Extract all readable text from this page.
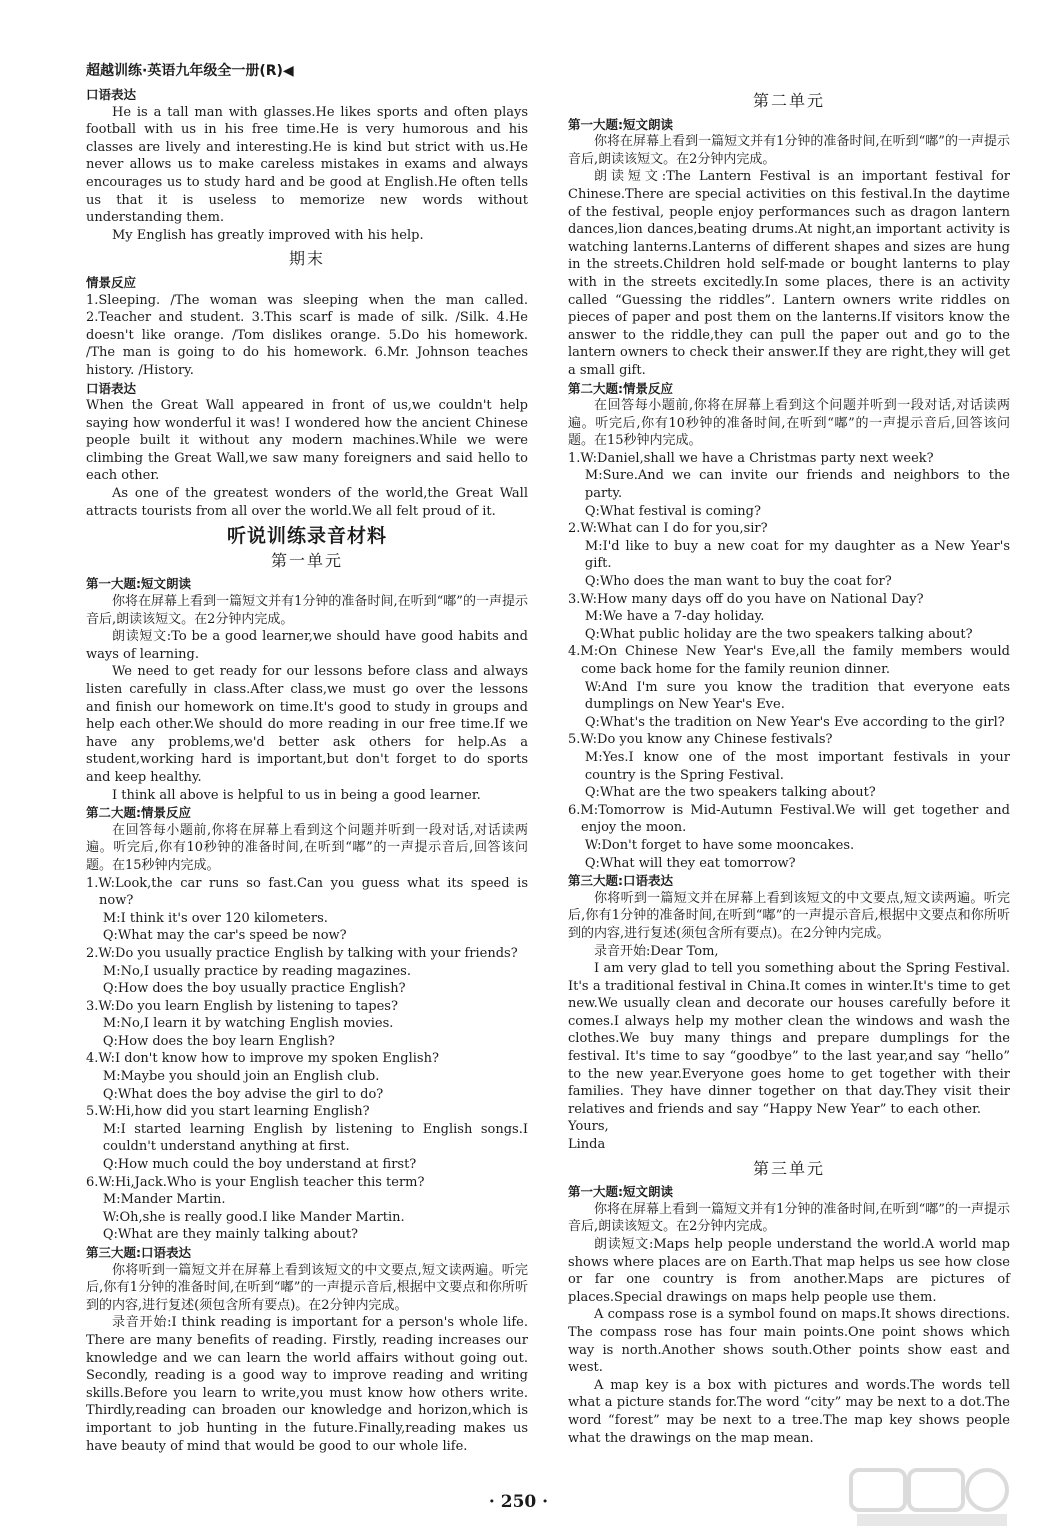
超越训练·英语九年级全一册(R)◀

口语表达

He is a tall man with glasses.He likes sports and often plays football with us in his free time.He is very humorous and his classes are lively and interesting.He is kind but strict with us.He never allows us to make careless mistakes in exams and always encourages us to study hard and be good at English.He often tells us that it is useless to memorize new words without understanding them.

My English has greatly improved with his help.

期末

情景反应

1.Sleeping. /The woman was sleeping when the man called. 2.Teacher and student. 3.This scarf is made of silk. /Silk. 4.He doesn't like orange. /Tom dislikes orange. 5.Do his homework. /The man is going to do his homework. 6.Mr. Johnson teaches history. /History.

口语表达

When the Great Wall appeared in front of us,we couldn't help saying how wonderful it was! I wondered how the ancient Chinese people built it without any modern machines.While we were climbing the Great Wall,we saw many foreigners and said hello to each other.

As one of the greatest wonders of the world,the Great Wall attracts tourists from all over the world.We all felt proud of it.

听说训练录音材料

第一单元

第一大题:短文朗读

你将在屏幕上看到一篇短文并有1分钟的准备时间,在听到“嘟”的一声提示音后,朗读该短文。在2分钟内完成。

朗读短文:To be a good learner,we should have good habits and ways of learning.

We need to get ready for our lessons before class and always listen carefully in class.After class,we must go over the lessons and finish our homework on time.It's good to study in groups and help each other.We should do more reading in our free time.If we have any problems,we'd better ask others for help.As a student,working hard is important,but don't forget to do sports and keep healthy.

I think all above is helpful to us in being a good learner.

第二大题:情景反应

在回答每小题前,你将在屏幕上看到这个问题并听到一段对话,对话读两遍。听完后,你有10秒钟的准备时间,在听到“嘟”的一声提示音后,回答该问题。在15秒钟内完成。

1.W:Look,the car runs so fast.Can you guess what its speed is now?

M:I think it's over 120 kilometers.

Q:What may the car's speed be now?

2.W:Do you usually practice English by talking with your friends?

M:No,I usually practice by reading magazines.

Q:How does the boy usually practice English?

3.W:Do you learn English by listening to tapes?

M:No,I learn it by watching English movies.

Q:How does the boy learn English?

4.W:I don't know how to improve my spoken English?

M:Maybe you should join an English club.

Q:What does the boy advise the girl to do?

5.W:Hi,how did you start learning English?

M:I started learning English by listening to English songs.I couldn't understand anything at first.

Q:How much could the boy understand at first?

6.W:Hi,Jack.Who is your English teacher this term?

M:Mander Martin.

W:Oh,she is really good.I like Mander Martin.

Q:What are they mainly talking about?

第三大题:口语表达

你将听到一篇短文并在屏幕上看到该短文的中文要点,短文读两遍。听完后,你有1分钟的准备时间,在听到“嘟”的一声提示音后,根据中文要点和你所听到的内容,进行复述(须包含所有要点)。在2分钟内完成。

录音开始:I think reading is important for a person's whole life. There are many benefits of reading. Firstly, reading increases our knowledge and we can learn the world affairs without going out. Secondly, reading is a good way to improve reading and writing skills.Before you learn to write,you must know how others write. Thirdly,reading can broaden our knowledge and horizon,which is important to job hunting in the future.Finally,reading makes us have beauty of mind that would be good to our whole life.

第二单元

第一大题:短文朗读

你将在屏幕上看到一篇短文并有1分钟的准备时间,在听到“嘟”的一声提示音后,朗读该短文。在2分钟内完成。

朗读短文:The Lantern Festival is an important festival for Chinese.There are special activities on this festival.In the daytime of the festival, people enjoy performances such as dragon lantern dances,lion dances,beating drums.At night,an important activity is watching lanterns.Lanterns of different shapes and sizes are hung in the streets.Children hold self-made or bought lanterns to play with in the streets excitedly.In some places, there is an activity called “Guessing the riddles”. Lantern owners write riddles on pieces of paper and post them on the lanterns.If visitors know the answer to the riddle,they can pull the paper out and go to the lantern owners to check their answer.If they are right,they will get a small gift.

第二大题:情景反应

在回答每小题前,你将在屏幕上看到这个问题并听到一段对话,对话读两遍。听完后,你有10秒钟的准备时间,在听到“嘟”的一声提示音后,回答该问题。在15秒钟内完成。

1.W:Daniel,shall we have a Christmas party next week?

M:Sure.And we can invite our friends and neighbors to the party.

Q:What festival is coming?

2.W:What can I do for you,sir?

M:I'd like to buy a new coat for my daughter as a New Year's gift.

Q:Who does the man want to buy the coat for?

3.W:How many days off do you have on National Day?

M:We have a 7-day holiday.

Q:What public holiday are the two speakers talking about?

4.M:On Chinese New Year's Eve,all the family members would come back home for the family reunion dinner.

W:And I'm sure you know the tradition that everyone eats dumplings on New Year's Eve.

Q:What's the tradition on New Year's Eve according to the girl?

5.W:Do you know any Chinese festivals?

M:Yes.I know one of the most important festivals in your country is the Spring Festival.

Q:What are the two speakers talking about?

6.M:Tomorrow is Mid-Autumn Festival.We will get together and enjoy the moon.

W:Don't forget to have some mooncakes.

Q:What will they eat tomorrow?

第三大题:口语表达

你将听到一篇短文并在屏幕上看到该短文的中文要点,短文读两遍。听完后,你有1分钟的准备时间,在听到“嘟”的一声提示音后,根据中文要点和你所听到的内容,进行复述(须包含所有要点)。在2分钟内完成。

录音开始:Dear Tom,

I am very glad to tell you something about the Spring Festival. It's a traditional festival in China.It comes in winter.It's time to get new.We usually clean and decorate our houses carefully before it comes.I always help my mother clean the windows and wash the clothes.We buy many things and prepare dumplings for the festival. It's time to say “goodbye” to the last year,and say “hello” to the new year.Everyone goes home to get together with their families. They have dinner together on that day.They visit their relatives and friends and say “Happy New Year” to each other.

Yours,

Linda

第三单元

第一大题:短文朗读

你将在屏幕上看到一篇短文并有1分钟的准备时间,在听到“嘟”的一声提示音后,朗读该短文。在2分钟内完成。

朗读短文:Maps help people understand the world.A world map shows where places are on Earth.That map helps us see how close or far one country is from another.Maps are pictures of places.Special drawings on maps help people use them.

A compass rose is a symbol found on maps.It shows directions. The compass rose has four main points.One point shows which way is north.Another shows south.Other points show east and west.

A map key is a box with pictures and words.The words tell what a picture stands for.The word “city” may be next to a dot.The word “forest” may be next to a tree.The map key shows people what the drawings on the map mean.

· 250 ·
